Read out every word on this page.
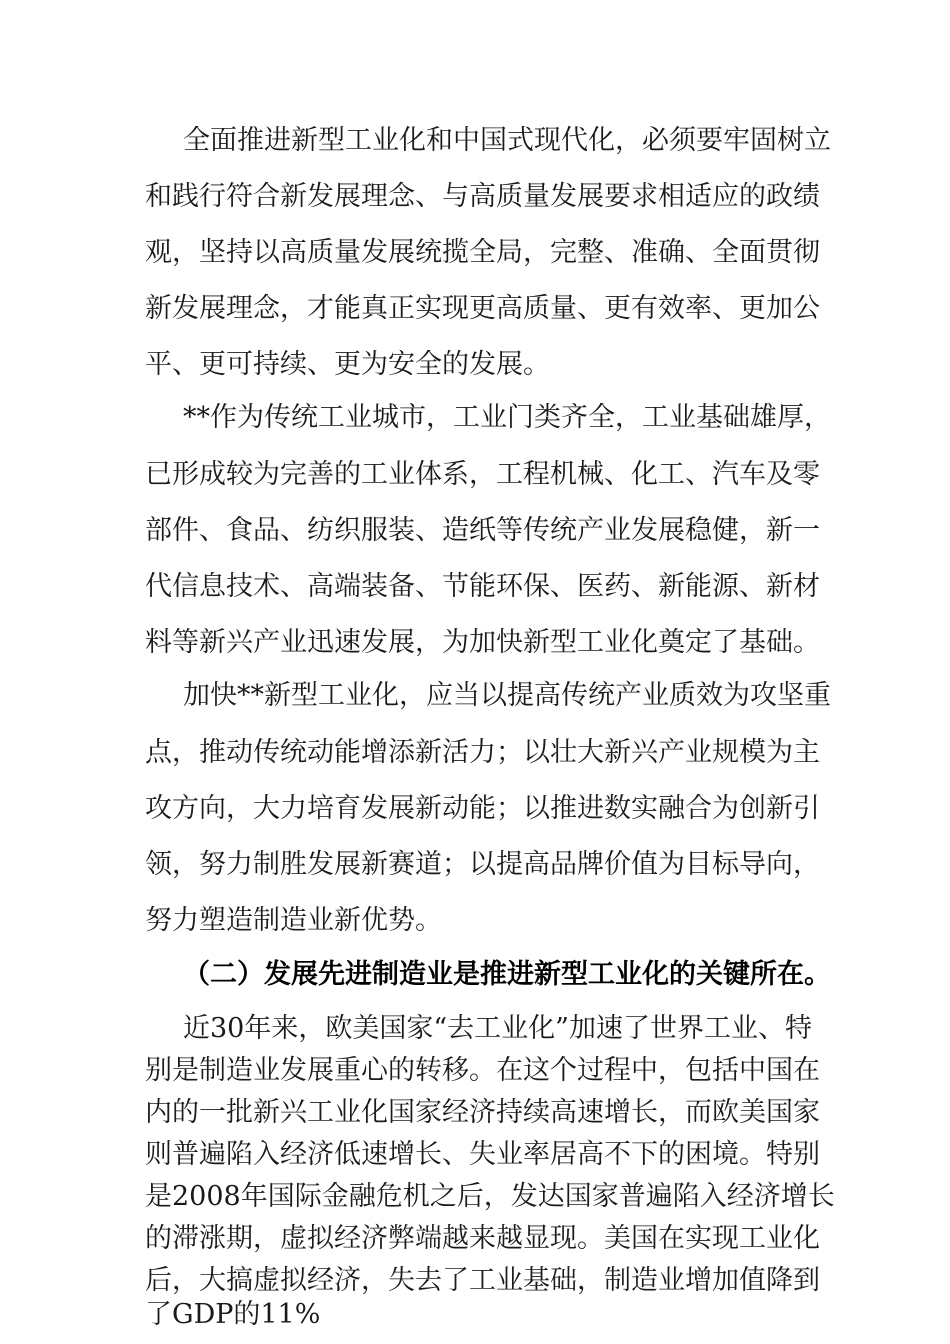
全面推进新型工业化和中国式现代化，必须要牢固树立
和践行符合新发展理念、与高质量发展要求相适应的政绩
观，坚持以高质量发展统揽全局，完整、准确、全面贯彻
新发展理念，才能真正实现更高质量、更有效率、更加公
平、更可持续、更为安全的发展。
**作为传统工业城市，工业门类齐全，工业基础雄厚，
已形成较为完善的工业体系，工程机械、化工、汽车及零
部件、食品、纺织服装、造纸等传统产业发展稳健，新一
代信息技术、高端装备、节能环保、医药、新能源、新材
料等新兴产业迅速发展，为加快新型工业化奠定了基础。
加快**新型工业化，应当以提高传统产业质效为攻坚重
点，推动传统动能增添新活力；以壮大新兴产业规模为主
攻方向，大力培育发展新动能；以推进数实融合为创新引
领，努力制胜发展新赛道；以提高品牌价值为目标导向，
努力塑造制造业新优势。
（二）发展先进制造业是推进新型工业化的关键所在。
近30年来，欧美国家“去工业化”加速了世界工业、特
别是制造业发展重心的转移。在这个过程中，包括中国在
内的一批新兴工业化国家经济持续高速增长，而欧美国家
则普遍陷入经济低速增长、失业率居高不下的困境。特别
是2008年国际金融危机之后，发达国家普遍陷入经济增长
的滞涨期，虚拟经济弊端越来越显现。美国在实现工业化
后，大搞虚拟经济，失去了工业基础，制造业增加值降到
了GDP的11%
